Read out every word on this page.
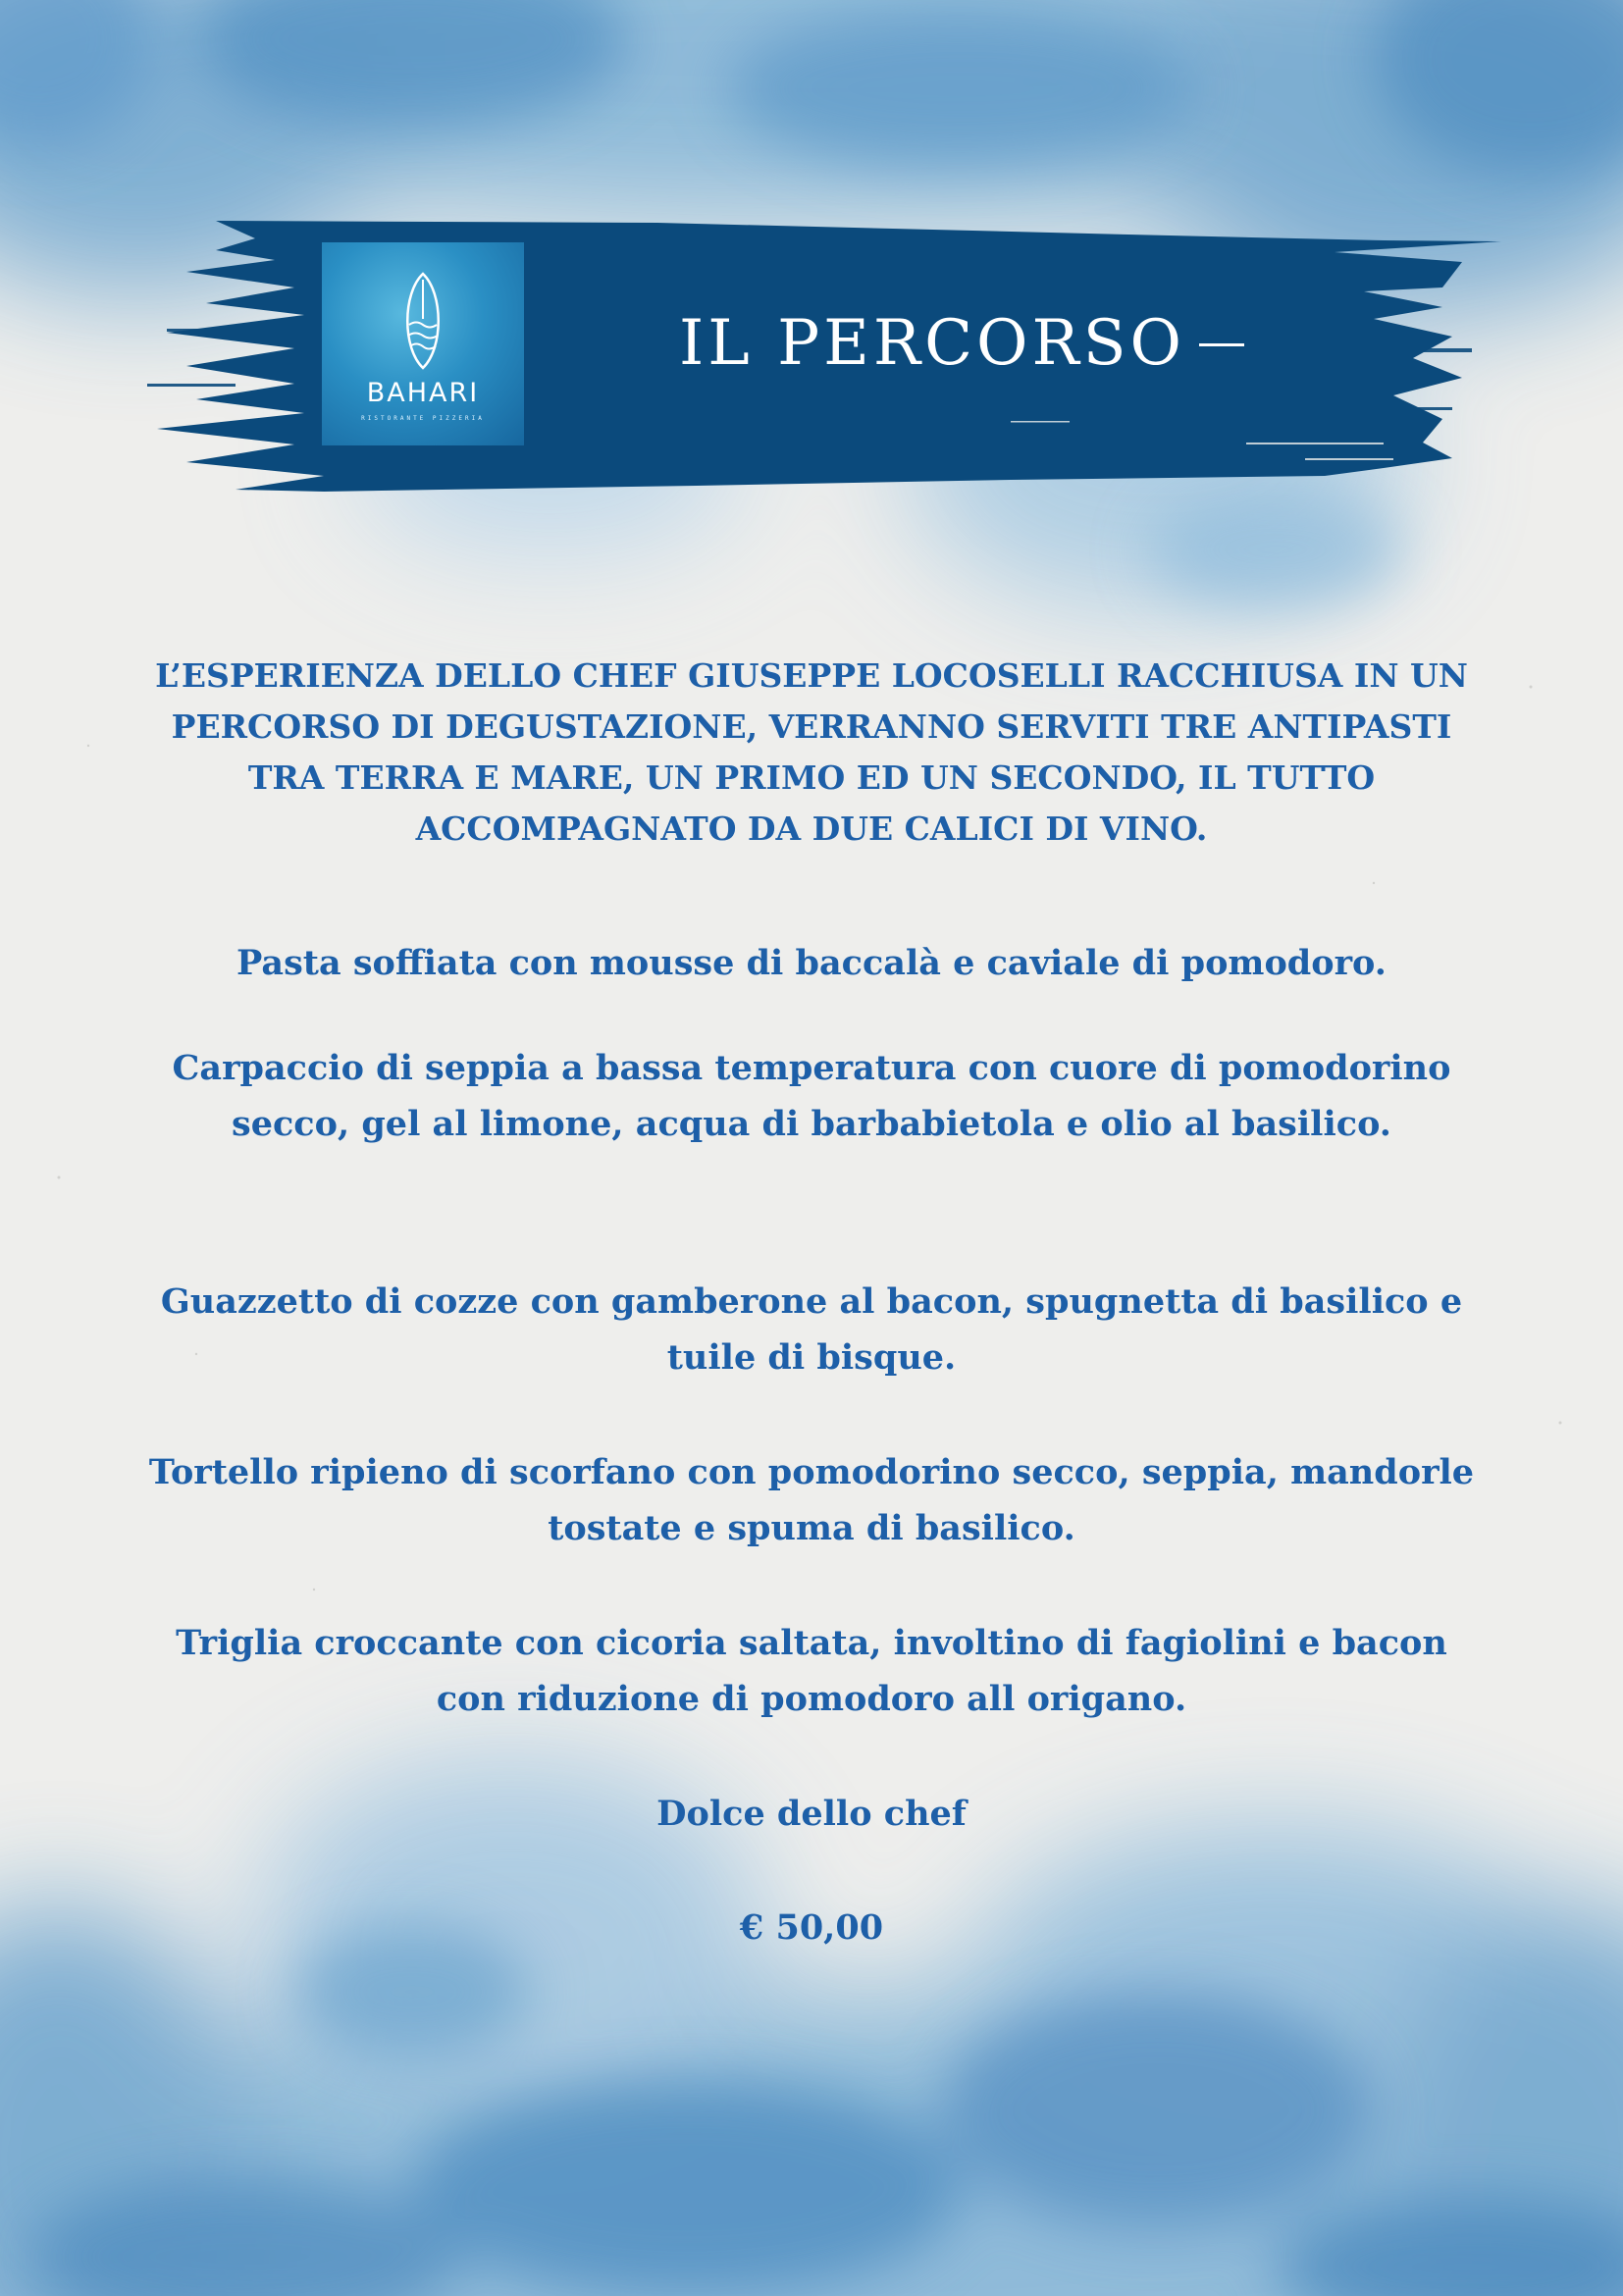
BAHARI
RISTORANTE PIZZERIA
IL PERCORSO

L’ESPERIENZA DELLO CHEF GIUSEPPE LOCOSELLI RACCHIUSA IN UN PERCORSO DI DEGUSTAZIONE, VERRANNO SERVITI TRE ANTIPASTI TRA TERRA E MARE, UN PRIMO ED UN SECONDO, IL TUTTO ACCOMPAGNATO DA DUE CALICI DI VINO.

Pasta soffiata con mousse di baccalà e caviale di pomodoro.

Carpaccio di seppia a bassa temperatura con cuore di pomodorino secco, gel al limone, acqua di barbabietola e olio al basilico.

Guazzetto di cozze con gamberone al bacon, spugnetta di basilico e tuile di bisque.

Tortello ripieno di scorfano con pomodorino secco, seppia, mandorle tostate e spuma di basilico.

Triglia croccante con cicoria saltata, involtino di fagiolini e bacon con riduzione di pomodoro all origano.

Dolce dello chef

€ 50,00
